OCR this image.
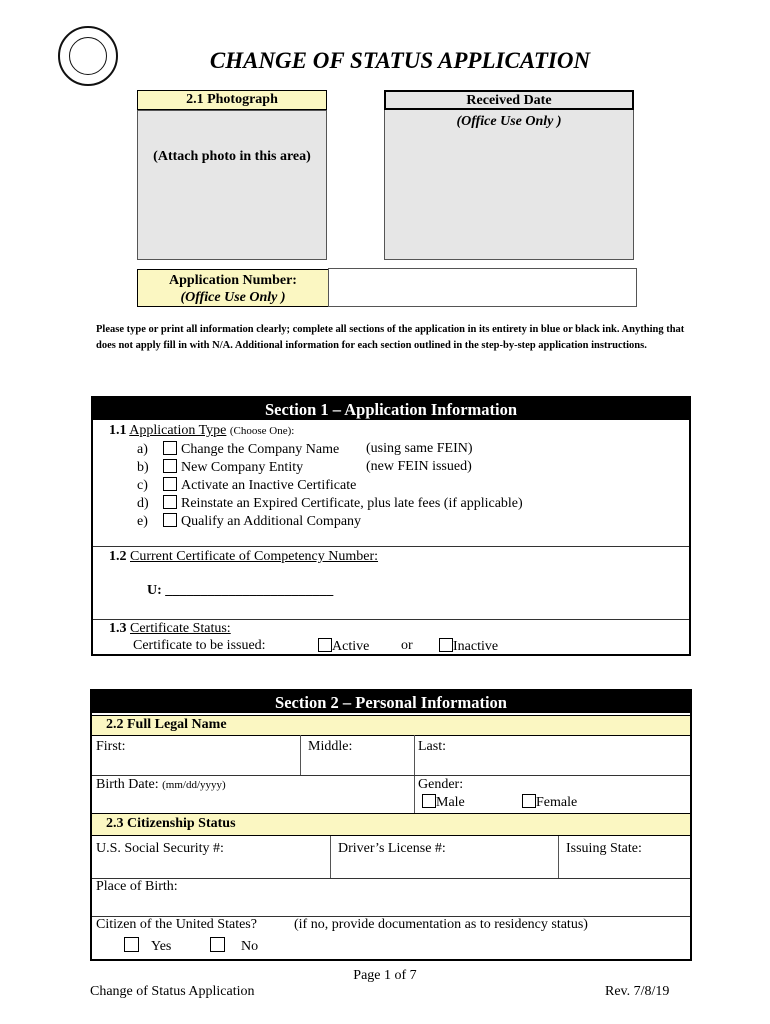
CHANGE OF STATUS APPLICATION
2.1 Photograph
(Attach photo in this area)
Received Date
(Office Use Only )
Application Number:
(Office Use Only )
Please type or print all information clearly; complete all sections of the application in its entirety in blue or black ink. Anything that does not apply fill in with N/A. Additional information for each section outlined in the step-by-step application instructions.
Section 1 – Application Information
1.1 Application Type (Choose One):
a) Change the Company Name (using same FEIN)
b) New Company Entity	(new FEIN issued)
c) Activate an Inactive Certificate
d) Reinstate an Expired Certificate, plus late fees (if applicable)
e) Qualify an Additional Company
1.2 Current Certificate of Competency Number:
U: ________________________
1.3 Certificate Status:
Certificate to be issued:	Active or	Inactive
Section 2 – Personal Information
2.2 Full Legal Name
First:	Middle:	Last:
Birth Date: (mm/dd/yyyy)	Gender:
Male	Female
2.3 Citizenship Status
U.S. Social Security #:	Driver’s License #:	Issuing State:
Place of Birth:
Citizen of the United States?	(if no, provide documentation as to residency status)
Yes	No
Page 1 of 7
Change of Status Application	Rev. 7/8/19
